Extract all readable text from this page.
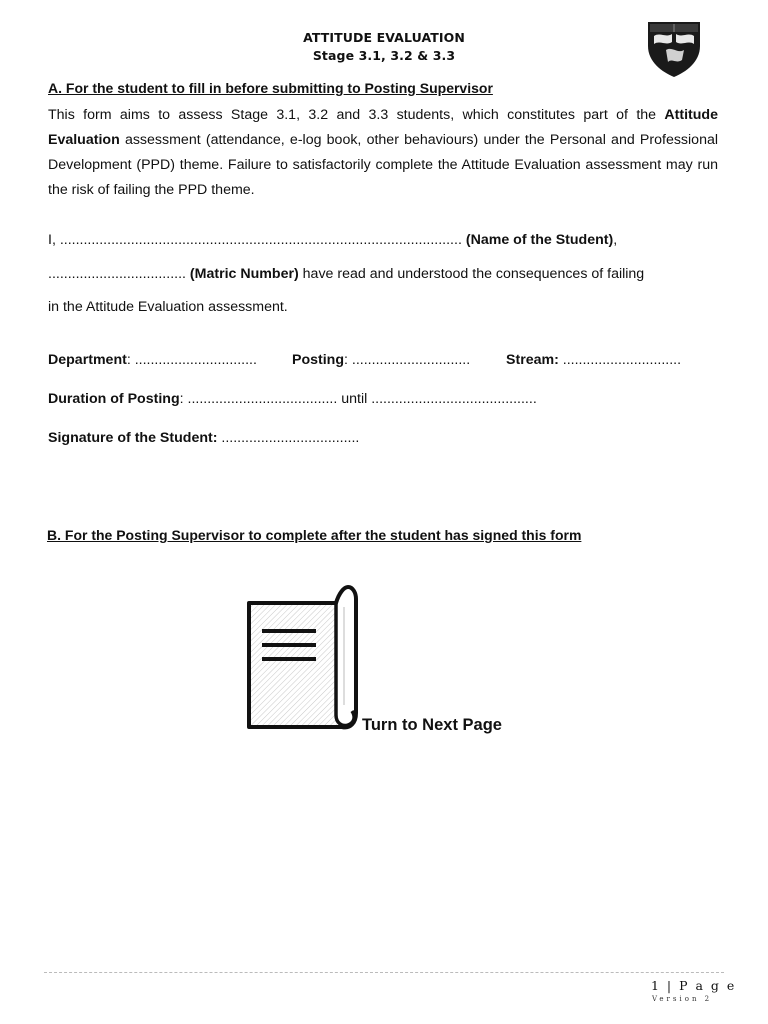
ATTITUDE EVALUATION
Stage 3.1, 3.2 & 3.3
A. For the student to fill in before submitting to Posting Supervisor
This form aims to assess Stage 3.1, 3.2 and 3.3 students, which constitutes part of the Attitude Evaluation assessment (attendance, e-log book, other behaviours) under the Personal and Professional Development (PPD) theme. Failure to satisfactorily complete the Attitude Evaluation assessment may run the risk of failing the PPD theme.
I, ...................................................................................................... (Name of the Student),
................................... (Matric Number) have read and understood the consequences of failing
in the Attitude Evaluation assessment.
Department: ............................... Posting: ..............................	Stream: ..............................
Duration of Posting: ...................................... until ..........................................
Signature of the Student: ...................................
B. For the Posting Supervisor to complete after the student has signed this form
Turn to Next Page
1 | P a g e
Version 2
